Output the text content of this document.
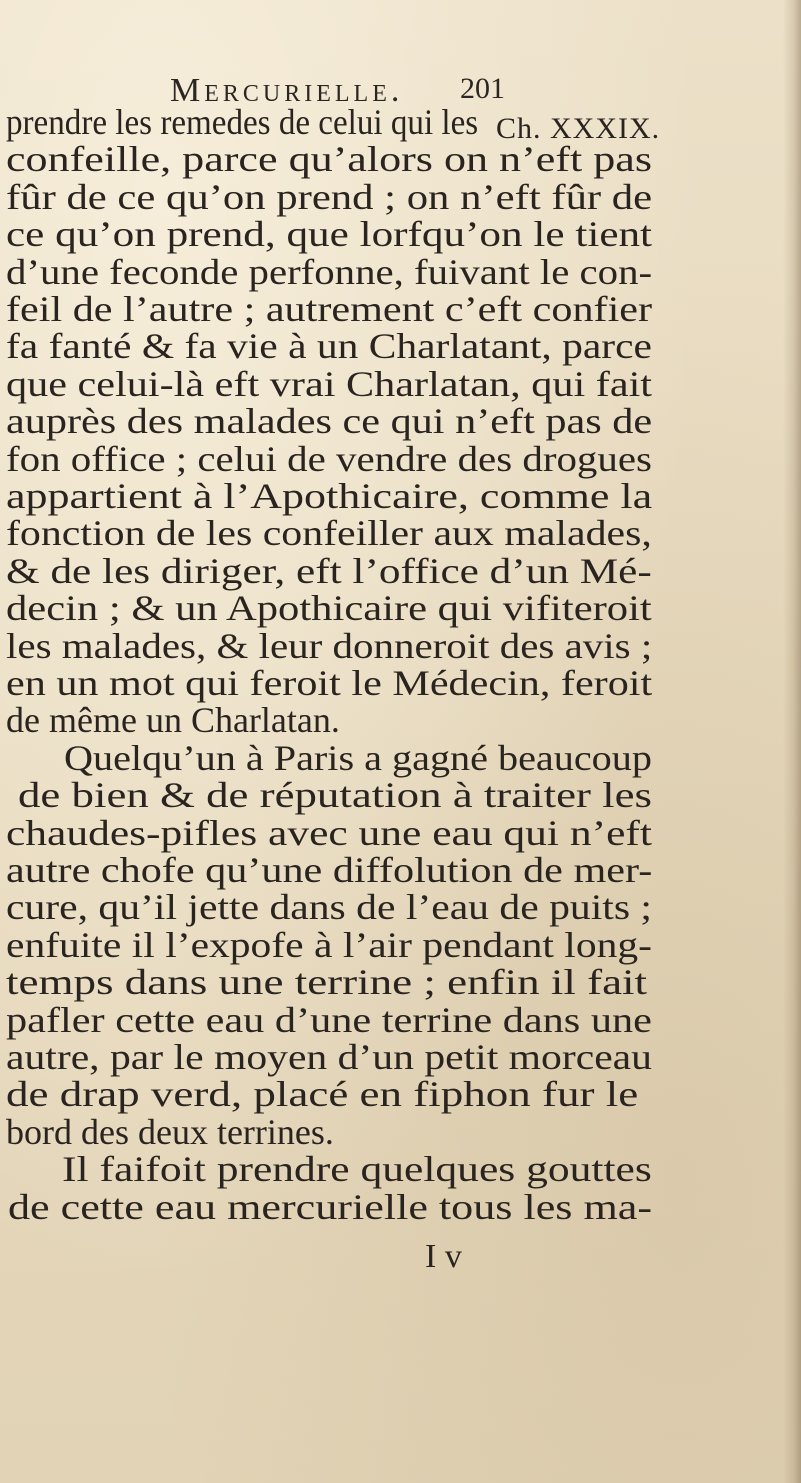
Mercurielle. 201
Ch. XXXIX.
prendre les remedes de celui qui les
confeille, parce qu’alors on n’eft pas
fûr de ce qu’on prend ; on n’eft fûr de
ce qu’on prend, que lorfqu’on le tient
d’une feconde perfonne, fuivant le con-
feil de l’autre ; autrement c’eft confier
fa fanté & fa vie à un Charlatant, parce
que celui-là eft vrai Charlatan, qui fait
auprès des malades ce qui n’eft pas de
fon office ; celui de vendre des drogues
appartient à l’Apothicaire, comme la
fonction de les confeiller aux malades,
& de les diriger, eft l’office d’un Mé-
decin ; & un Apothicaire qui vifiteroit
les malades, & leur donneroit des avis ;
en un mot qui feroit le Médecin, feroit
de même un Charlatan.
Quelqu’un à Paris a gagné beaucoup
de bien & de réputation à traiter les
chaudes-pifles avec une eau qui n’eft
autre chofe qu’une diffolution de mer-
cure, qu’il jette dans de l’eau de puits ;
enfuite il l’expofe à l’air pendant long-
temps dans une terrine ; enfin il fait
pafler cette eau d’une terrine dans une
autre, par le moyen d’un petit morceau
de drap verd, placé en fiphon fur le
bord des deux terrines.
Il faifoit prendre quelques gouttes
de cette eau mercurielle tous les ma-
I v
